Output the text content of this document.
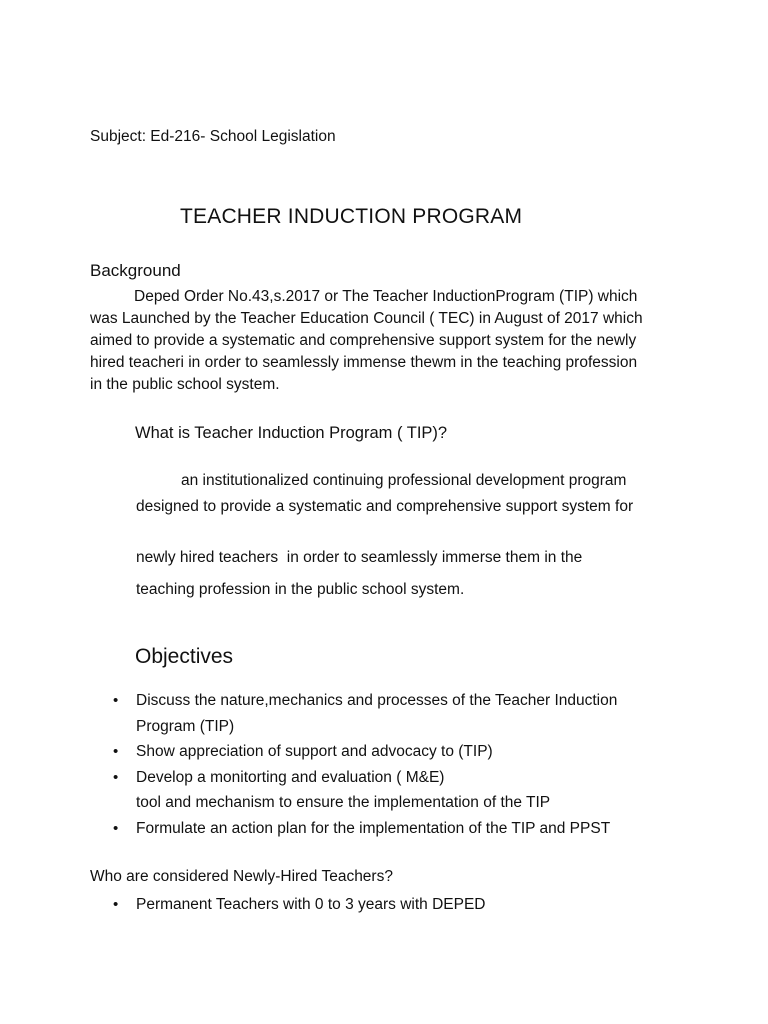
Subject: Ed-216- School Legislation

TEACHER INDUCTION PROGRAM
Background
Deped Order No.43,s.2017 or The Teacher InductionProgram (TIP) which
was Launched by the Teacher Education Council ( TEC) in August of 2017 which
aimed to provide a systematic and comprehensive support system for the newly
hired teacheri in order to seamlessly immense thewm in the teaching profession
in the public school system.
What is Teacher Induction Program ( TIP)?

an institutionalized continuing professional development program

designed to provide a systematic and comprehensive support system for

newly hired teachers  in order to seamlessly immerse them in the

teaching profession in the public school system.

Objectives
• Discuss the nature,mechanics and processes of the Teacher Induction
Program (TIP)
• Show appreciation of support and advocacy to (TIP)
• Develop a monitorting and evaluation ( M&E)
tool and mechanism to ensure the implementation of the TIP
• Formulate an action plan for the implementation of the TIP and PPST

Who are considered Newly-Hired Teachers?

• Permanent Teachers with 0 to 3 years with DEPED
